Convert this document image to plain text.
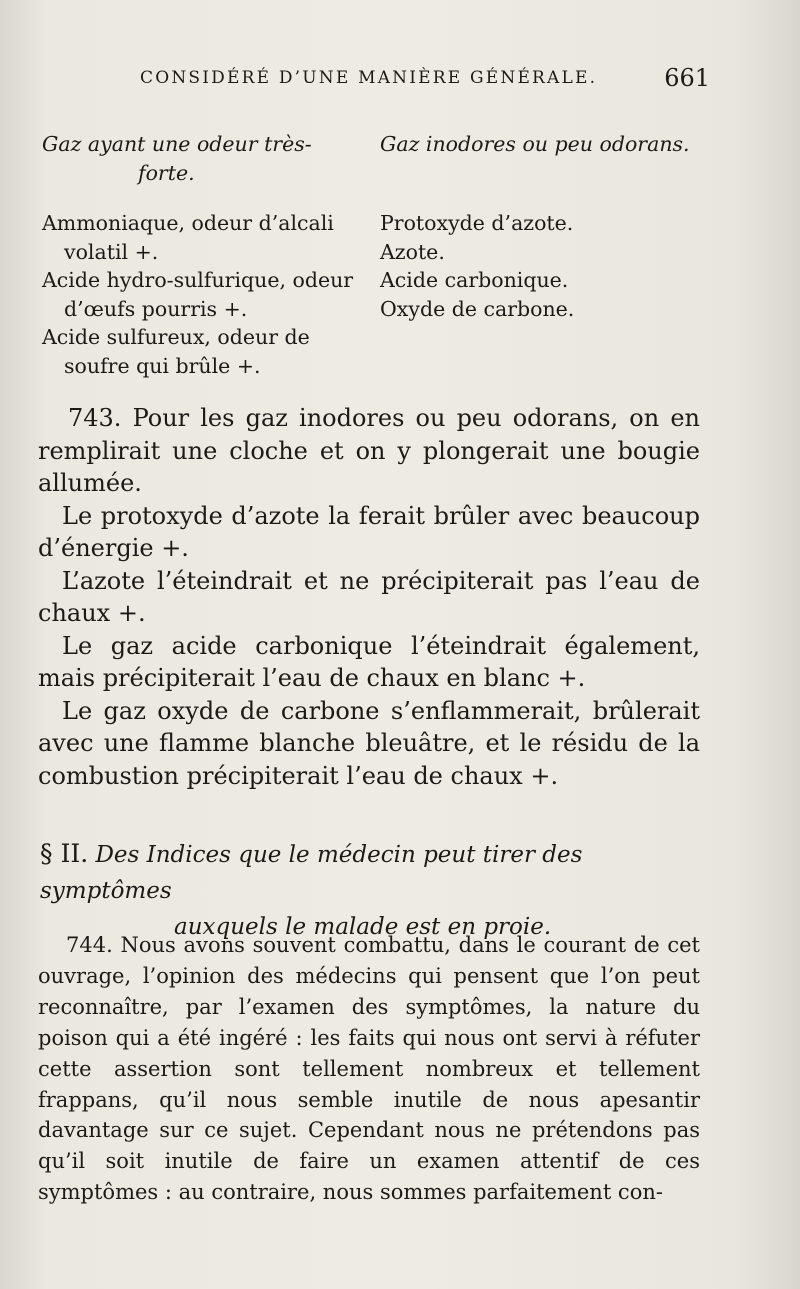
CONSIDÉRÉ D’UNE MANIÈRE GÉNÉRALE.	661
Gaz ayant une odeur très-
forte.
Ammoniaque, odeur d’alcali volatil +.
Acide hydro-sulfurique, odeur d’œufs pourris +.
Acide sulfureux, odeur de soufre qui brûle +.
Gaz inodores ou peu odorans.
Protoxyde d’azote.
Azote.
Acide carbonique.
Oxyde de carbone.
743. Pour les gaz inodores ou peu odorans, on en remplirait une cloche et on y plongerait une bougie allumée.
Le protoxyde d’azote la ferait brûler avec beaucoup d’énergie +.
L’azote l’éteindrait et ne précipiterait pas l’eau de chaux +.
Le gaz acide carbonique l’éteindrait également, mais précipiterait l’eau de chaux en blanc +.
Le gaz oxyde de carbone s’enflammerait, brûlerait avec une flamme blanche bleuâtre, et le résidu de la combustion précipiterait l’eau de chaux +.
§ II. Des Indices que le médecin peut tirer des symptômes
auxquels le malade est en proie.
744. Nous avons souvent combattu, dans le courant de cet ouvrage, l’opinion des médecins qui pensent que l’on peut reconnaître, par l’examen des symptômes, la nature du poison qui a été ingéré : les faits qui nous ont servi à réfuter cette assertion sont tellement nombreux et tellement frappans, qu’il nous semble inutile de nous apesantir davantage sur ce sujet. Cependant nous ne prétendons pas qu’il soit inutile de faire un examen attentif de ces symptômes : au contraire, nous sommes parfaitement con-
